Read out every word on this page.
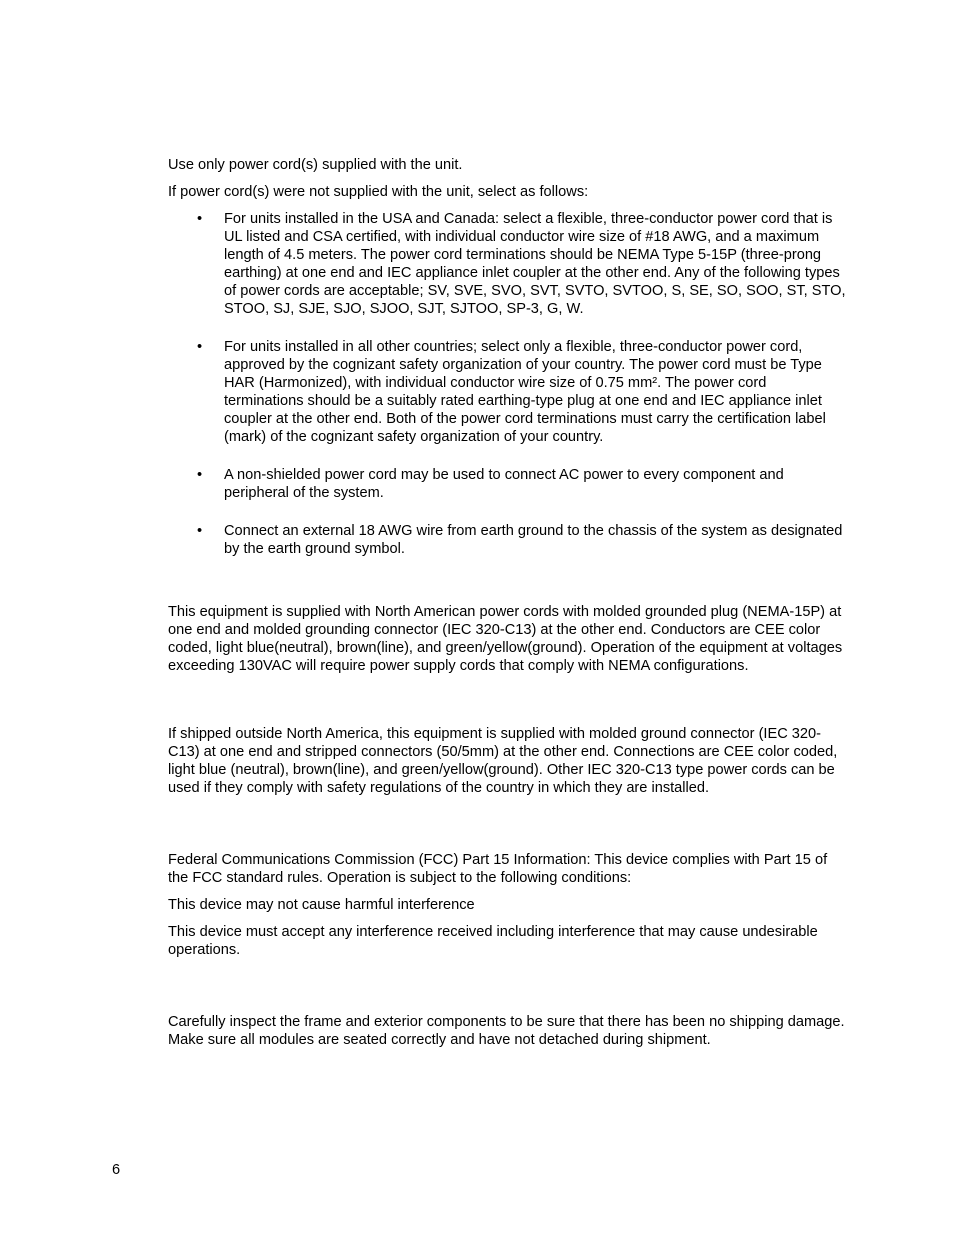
Use only power cord(s) supplied with the unit.

If power cord(s) were not supplied with the unit, select as follows:

• For units installed in the USA and Canada: select a flexible, three-conductor power cord that is UL listed and CSA certified, with individual conductor wire size of #18 AWG, and a maximum length of 4.5 meters. The power cord terminations should be NEMA Type 5-15P (three-prong earthing) at one end and IEC appliance inlet coupler at the other end. Any of the following types of power cords are acceptable; SV, SVE, SVO, SVT, SVTO, SVTOO, S, SE, SO, SOO, ST, STO, STOO, SJ, SJE, SJO, SJOO, SJT, SJTOO, SP-3, G, W.
• For units installed in all other countries; select only a flexible, three-conductor power cord, approved by the cognizant safety organization of your country. The power cord must be Type HAR (Harmonized), with individual conductor wire size of 0.75 mm². The power cord terminations should be a suitably rated earthing-type plug at one end and IEC appliance inlet coupler at the other end. Both of the power cord terminations must carry the certification label (mark) of the cognizant safety organization of your country.
• A non-shielded power cord may be used to connect AC power to every component and peripheral of the system.
• Connect an external 18 AWG wire from earth ground to the chassis of the system as designated by the earth ground symbol.

This equipment is supplied with North American power cords with molded grounded plug (NEMA-15P) at one end and molded grounding connector (IEC 320-C13) at the other end. Conductors are CEE color coded, light blue(neutral), brown(line), and green/yellow(ground). Operation of the equipment at voltages exceeding 130VAC will require power supply cords that comply with NEMA configurations.

If shipped outside North America, this equipment is supplied with molded ground connector (IEC 320-C13) at one end and stripped connectors (50/5mm) at the other end. Connections are CEE color coded, light blue (neutral), brown(line), and green/yellow(ground). Other IEC 320-C13 type power cords can be used if they comply with safety regulations of the country in which they are installed.

Federal Communications Commission (FCC) Part 15 Information: This device complies with Part 15 of the FCC standard rules. Operation is subject to the following conditions:

This device may not cause harmful interference

This device must accept any interference received including interference that may cause undesirable operations.

Carefully inspect the frame and exterior components to be sure that there has been no shipping damage. Make sure all modules are seated correctly and have not detached during shipment.

6
